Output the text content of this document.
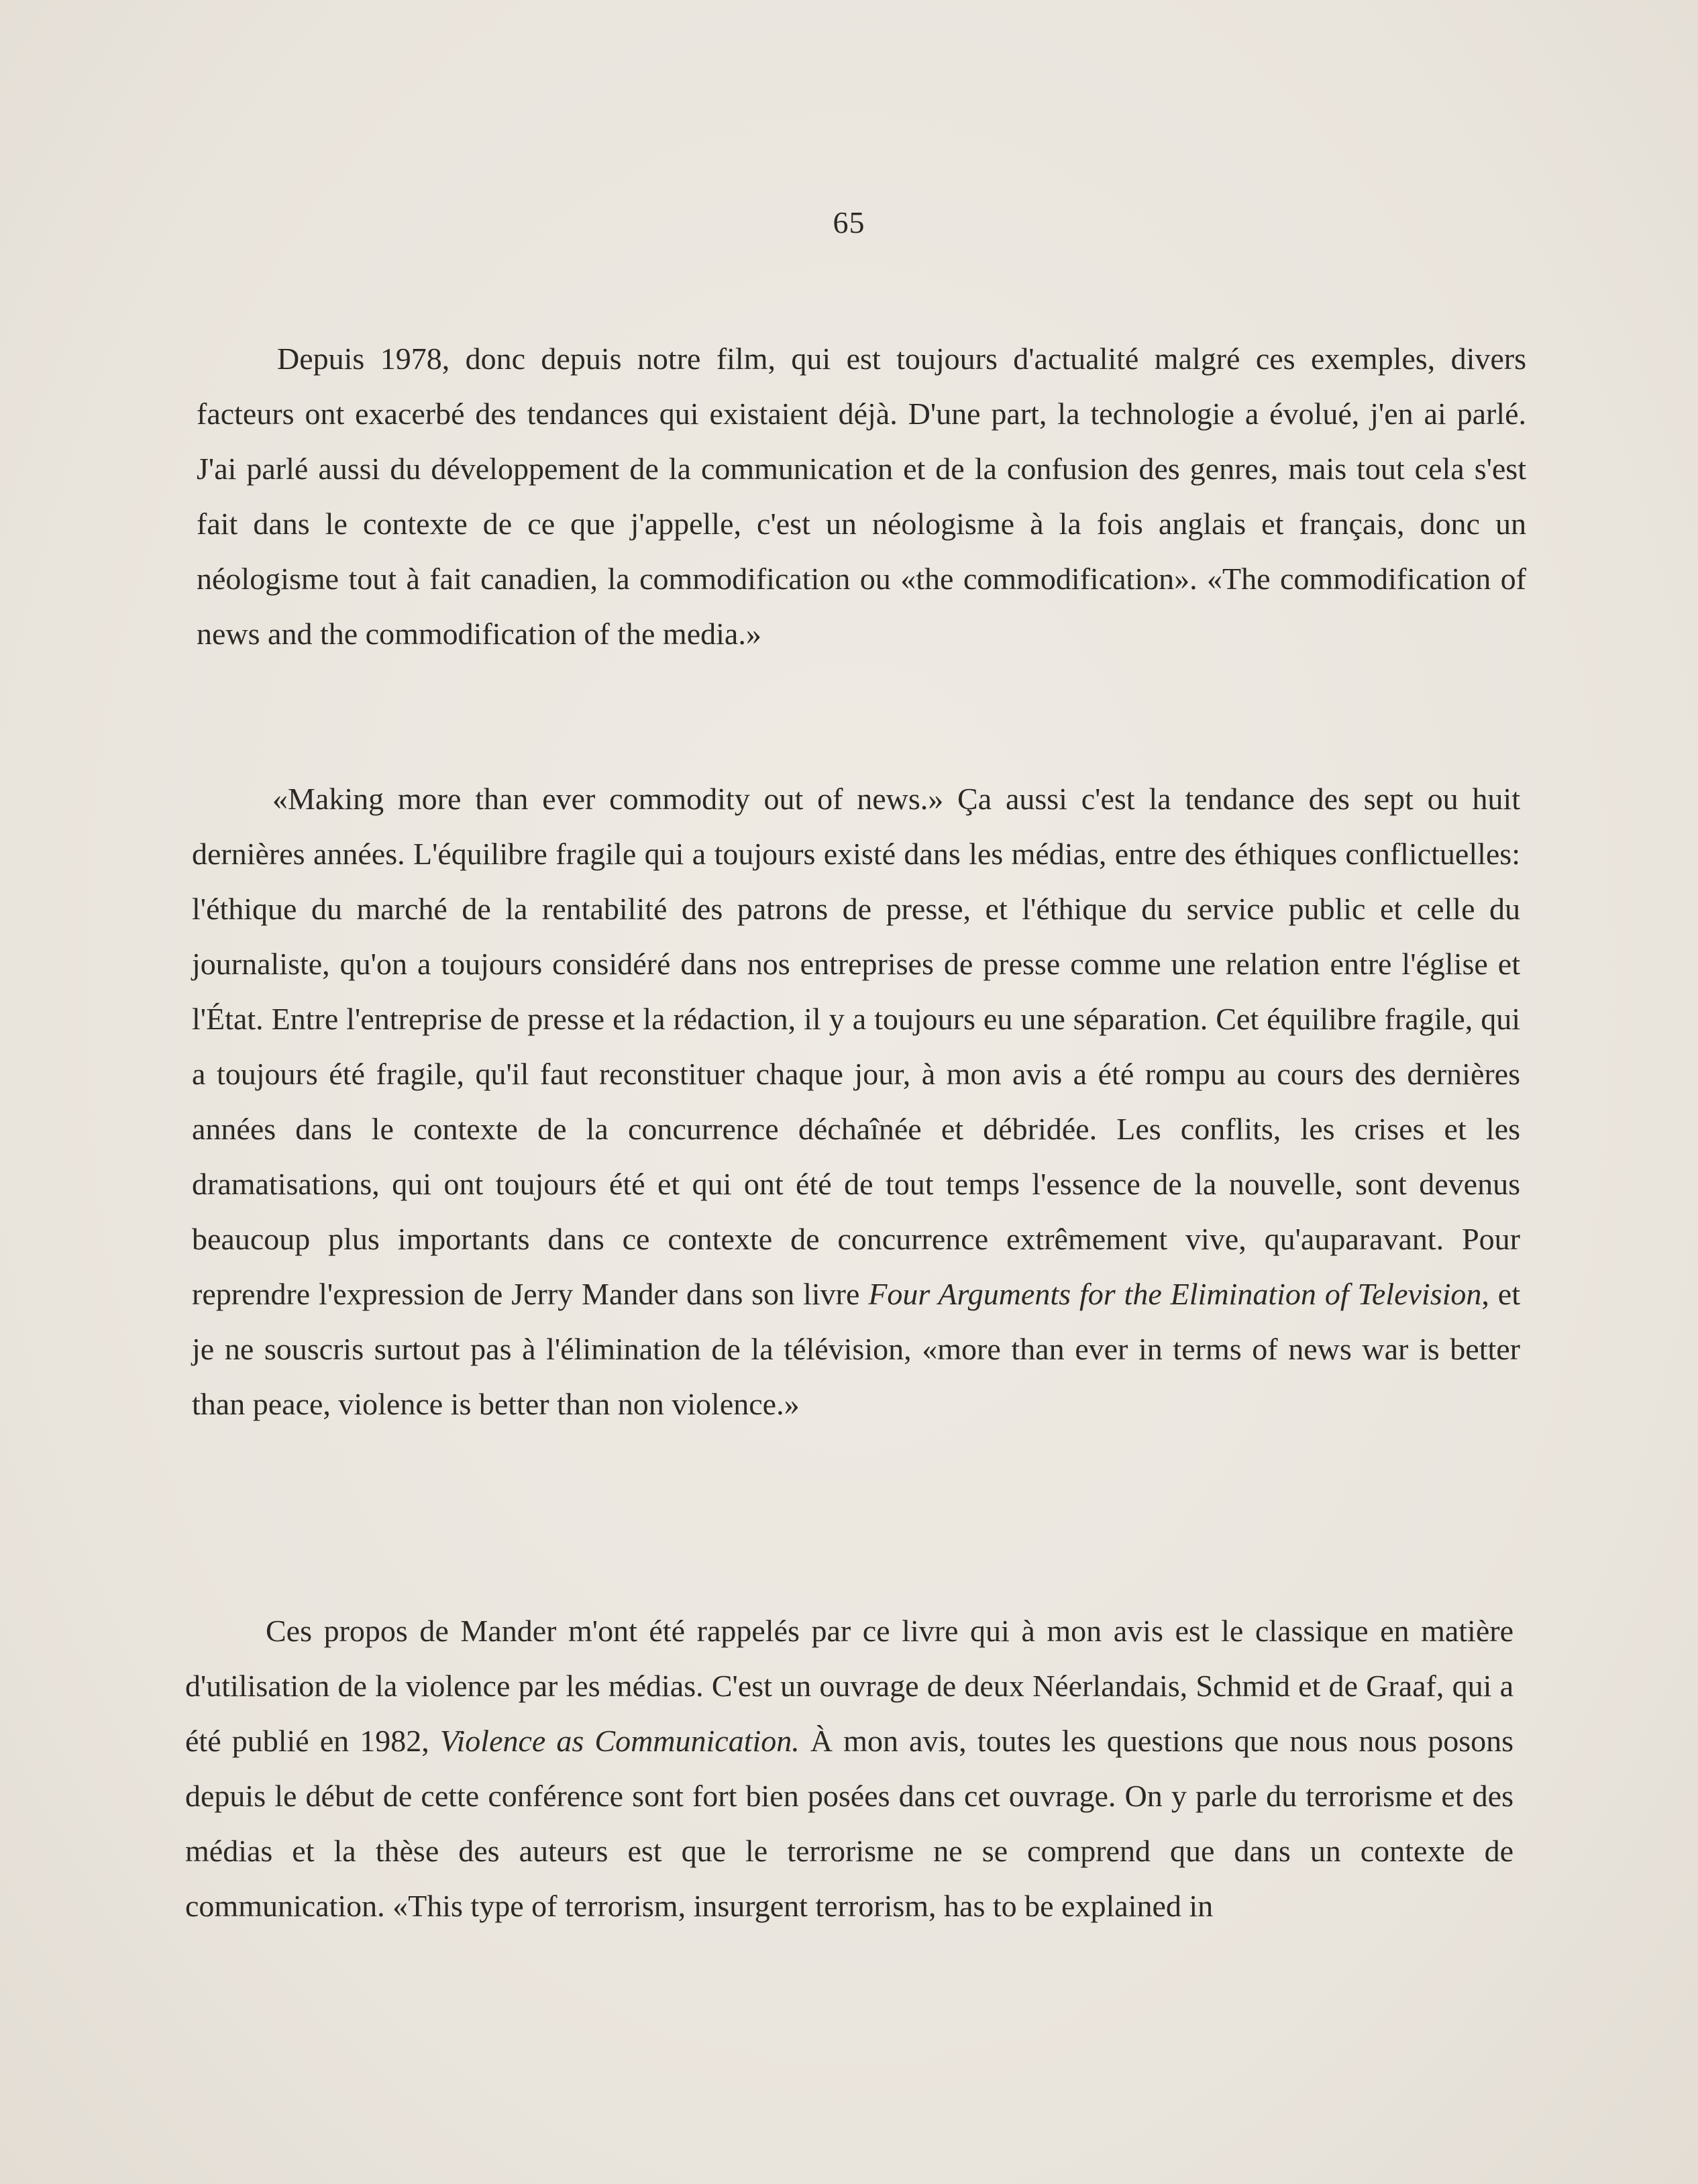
65

Depuis 1978, donc depuis notre film, qui est toujours d'actualité malgré ces exemples, divers facteurs ont exacerbé des tendances qui existaient déjà. D'une part, la technologie a évolué, j'en ai parlé. J'ai parlé aussi du développement de la communication et de la confusion des genres, mais tout cela s'est fait dans le contexte de ce que j'appelle, c'est un néologisme à la fois anglais et français, donc un néologisme tout à fait canadien, la commodification ou «the commodification». «The commodification of news and the commodification of the media.»

«Making more than ever commodity out of news.» Ça aussi c'est la tendance des sept ou huit dernières années. L'équilibre fragile qui a toujours existé dans les médias, entre des éthiques conflictuelles: l'éthique du marché de la rentabilité des patrons de presse, et l'éthique du service public et celle du journaliste, qu'on a toujours considéré dans nos entreprises de presse comme une relation entre l'église et l'État. Entre l'entreprise de presse et la rédaction, il y a toujours eu une séparation. Cet équilibre fragile, qui a toujours été fragile, qu'il faut reconstituer chaque jour, à mon avis a été rompu au cours des dernières années dans le contexte de la concurrence déchaînée et débridée. Les conflits, les crises et les dramatisations, qui ont toujours été et qui ont été de tout temps l'essence de la nouvelle, sont devenus beaucoup plus importants dans ce contexte de concurrence extrêmement vive, qu'auparavant. Pour reprendre l'expression de Jerry Mander dans son livre Four Arguments for the Elimination of Television, et je ne souscris surtout pas à l'élimination de la télévision, «more than ever in terms of news war is better than peace, violence is better than non violence.»

Ces propos de Mander m'ont été rappelés par ce livre qui à mon avis est le classique en matière d'utilisation de la violence par les médias. C'est un ouvrage de deux Néerlandais, Schmid et de Graaf, qui a été publié en 1982, Violence as Communication. À mon avis, toutes les questions que nous nous posons depuis le début de cette conférence sont fort bien posées dans cet ouvrage. On y parle du terrorisme et des médias et la thèse des auteurs est que le terrorisme ne se comprend que dans un contexte de communication. «This type of terrorism, insurgent terrorism, has to be explained in
